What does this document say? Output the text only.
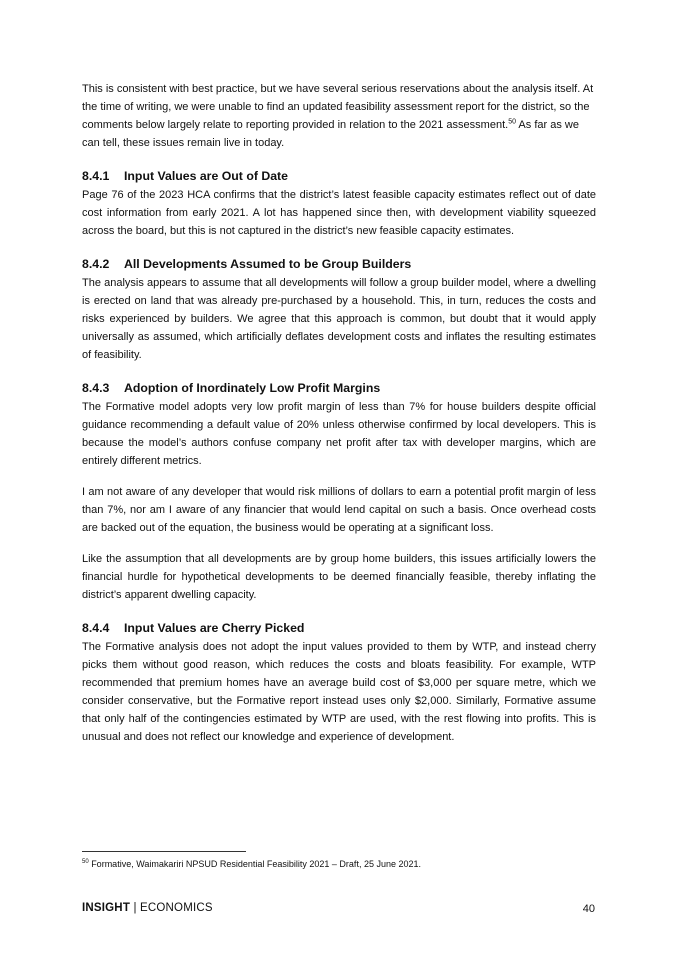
This is consistent with best practice, but we have several serious reservations about the analysis itself. At the time of writing, we were unable to find an updated feasibility assessment report for the district, so the comments below largely relate to reporting provided in relation to the 2021 assessment.$^{50}$ As far as we can tell, these issues remain live in today.

8.4.1 Input Values are Out of Date

Page 76 of the 2023 HCA confirms that the district’s latest feasible capacity estimates reflect out of date cost information from early 2021. A lot has happened since then, with development viability squeezed across the board, but this is not captured in the district’s new feasible capacity estimates.

8.4.2 All Developments Assumed to be Group Builders

The analysis appears to assume that all developments will follow a group builder model, where a dwelling is erected on land that was already pre-purchased by a household. This, in turn, reduces the costs and risks experienced by builders. We agree that this approach is common, but doubt that it would apply universally as assumed, which artificially deflates development costs and inflates the resulting estimates of feasibility.

8.4.3 Adoption of Inordinately Low Profit Margins

The Formative model adopts very low profit margin of less than 7% for house builders despite official guidance recommending a default value of 20% unless otherwise confirmed by local developers. This is because the model’s authors confuse company net profit after tax with developer margins, which are entirely different metrics.

I am not aware of any developer that would risk millions of dollars to earn a potential profit margin of less than 7%, nor am I aware of any financier that would lend capital on such a basis. Once overhead costs are backed out of the equation, the business would be operating at a significant loss.

Like the assumption that all developments are by group home builders, this issues artificially lowers the financial hurdle for hypothetical developments to be deemed financially feasible, thereby inflating the district’s apparent dwelling capacity.

8.4.4 Input Values are Cherry Picked

The Formative analysis does not adopt the input values provided to them by WTP, and instead cherry picks them without good reason, which reduces the costs and bloats feasibility. For example, WTP recommended that premium homes have an average build cost of $3,000 per square metre, which we consider conservative, but the Formative report instead uses only $2,000. Similarly, Formative assume that only half of the contingencies estimated by WTP are used, with the rest flowing into profits. This is unusual and does not reflect our knowledge and experience of development.

$^{50}$ Formative, Waimakariri NPSUD Residential Feasibility 2021 – Draft, 25 June 2021.
INSIGHT | ECONOMICS	40
